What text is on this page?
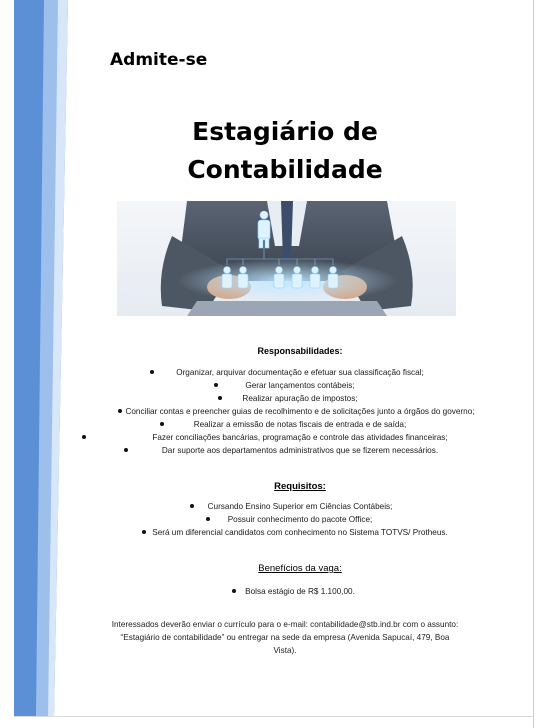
Admite-se
Estagiário de
Contabilidade
Responsabilidades:
Organizar, arquivar documentação e efetuar sua classificação fiscal;
Gerar lançamentos contábeis;
Realizar apuração de impostos;
Conciliar contas e preencher guias de recolhimento e de solicitações junto a órgãos do governo;
Realizar a emissão de notas fiscais de entrada e de saída;
Fazer conciliações bancárias, programação e controle das atividades financeiras;
Dar suporte aos departamentos administrativos que se fizerem necessários.
Requisitos:
Cursando Ensino Superior em Ciências Contábeis;
Possuir conhecimento do pacote Office;
Será um diferencial candidatos com conhecimento no Sistema TOTVS/ Protheus.
Benefícios da vaga:
Bolsa estágio de R$ 1.100,00.
Interessados deverão enviar o currículo para o e-mail: contabilidade@stb.ind.br com o assunto: “Estagiário de contabilidade” ou entregar na sede da empresa (Avenida Sapucaí, 479, Boa Vista).
